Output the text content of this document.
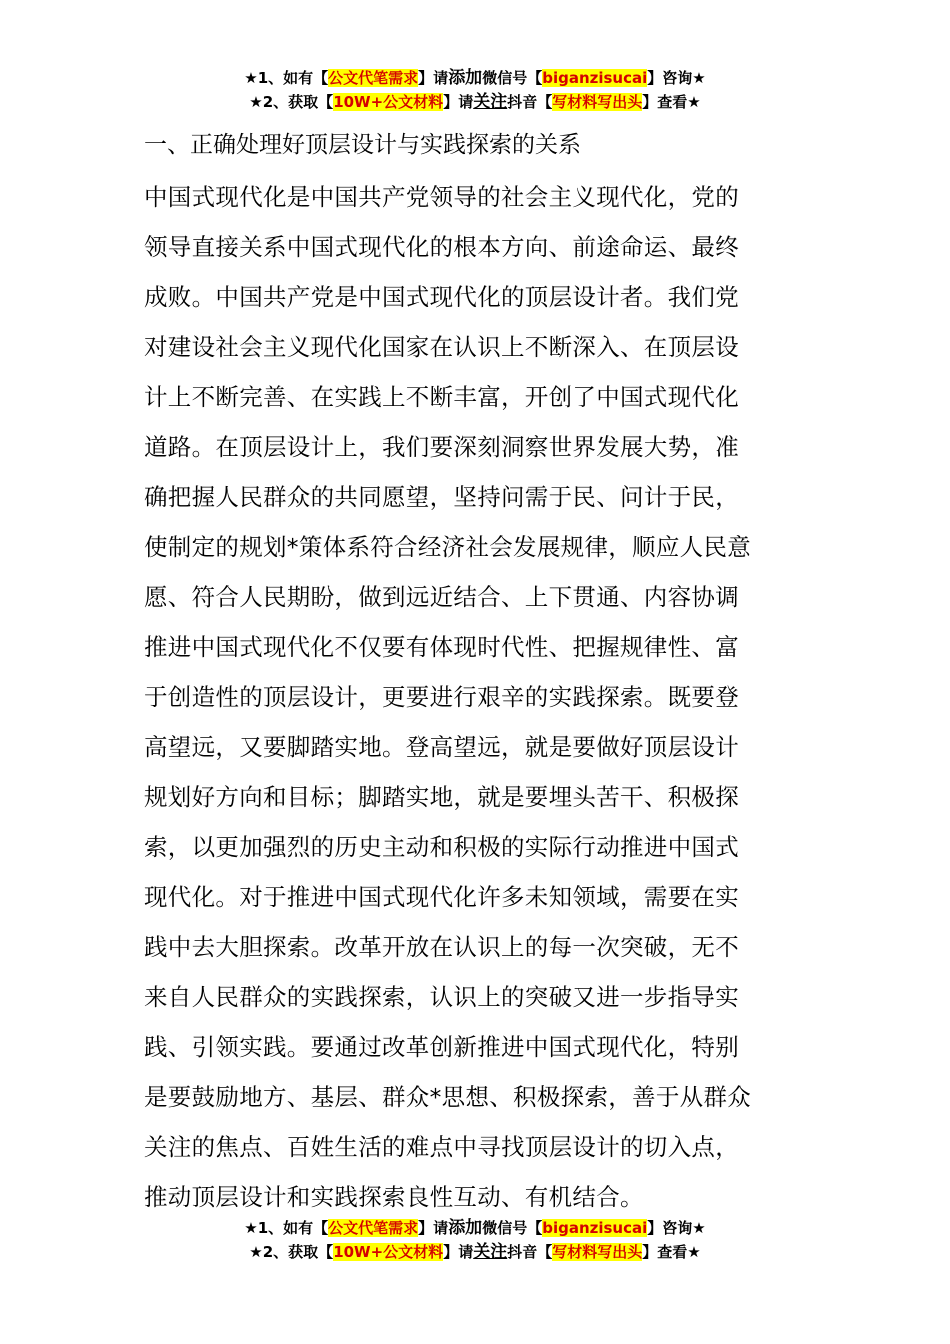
★1、如有【公文代笔需求】请添加微信号【biganzisucai】咨询★
★2、获取【10W+公文材料】请关注抖音【写材料写出头】查看★
一、正确处理好顶层设计与实践探索的关系
中国式现代化是中国共产党领导的社会主义现代化，党的
领导直接关系中国式现代化的根本方向、前途命运、最终
成败。中国共产党是中国式现代化的顶层设计者。我们党
对建设社会主义现代化国家在认识上不断深入、在顶层设
计上不断完善、在实践上不断丰富，开创了中国式现代化
道路。在顶层设计上，我们要深刻洞察世界发展大势，准
确把握人民群众的共同愿望，坚持问需于民、问计于民，
使制定的规划*策体系符合经济社会发展规律，顺应人民意
愿、符合人民期盼，做到远近结合、上下贯通、内容协调
推进中国式现代化不仅要有体现时代性、把握规律性、富
于创造性的顶层设计，更要进行艰辛的实践探索。既要登
高望远，又要脚踏实地。登高望远，就是要做好顶层设计
规划好方向和目标；脚踏实地，就是要埋头苦干、积极探
索，以更加强烈的历史主动和积极的实际行动推进中国式
现代化。对于推进中国式现代化许多未知领域，需要在实
践中去大胆探索。改革开放在认识上的每一次突破，无不
来自人民群众的实践探索，认识上的突破又进一步指导实
践、引领实践。要通过改革创新推进中国式现代化，特别
是要鼓励地方、基层、群众*思想、积极探索，善于从群众
关注的焦点、百姓生活的难点中寻找顶层设计的切入点，
推动顶层设计和实践探索良性互动、有机结合。
★1、如有【公文代笔需求】请添加微信号【biganzisucai】咨询★
★2、获取【10W+公文材料】请关注抖音【写材料写出头】查看★
